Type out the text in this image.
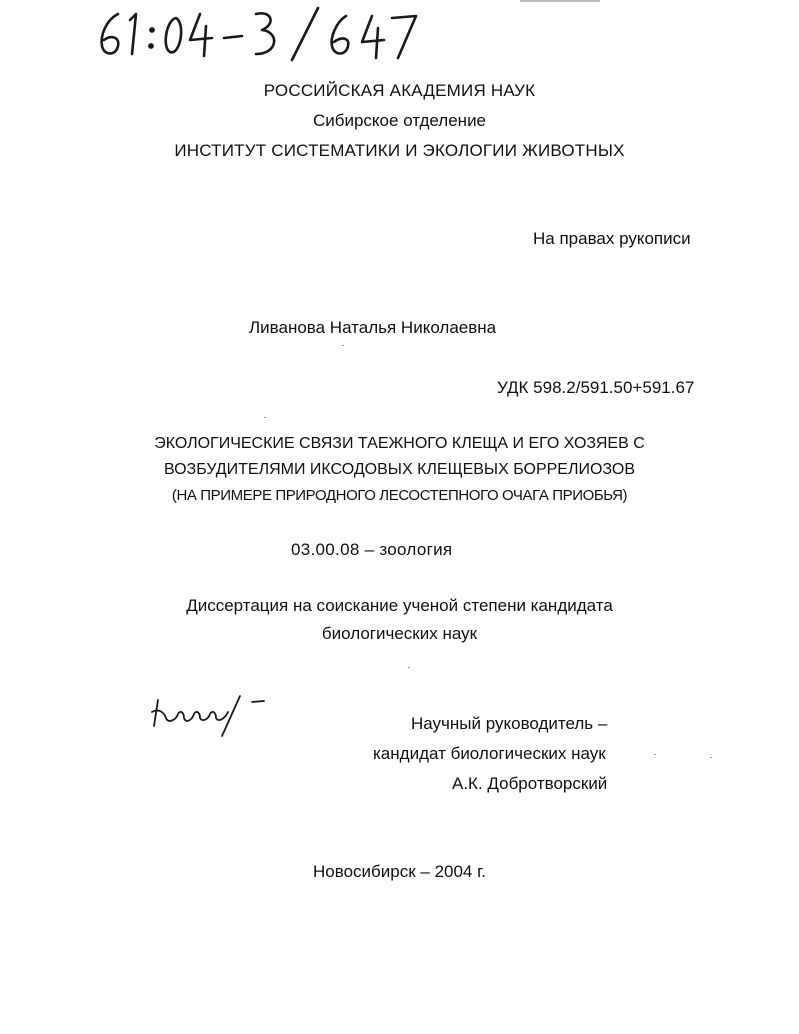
РОССИЙСКАЯ АКАДЕМИЯ НАУК
Сибирское отделение
ИНСТИТУТ СИСТЕМАТИКИ И ЭКОЛОГИИ ЖИВОТНЫХ
На правах рукописи
Ливанова Наталья Николаевна
УДК 598.2/591.50+591.67
ЭКОЛОГИЧЕСКИЕ СВЯЗИ ТАЕЖНОГО КЛЕЩА И ЕГО ХОЗЯЕВ С
ВОЗБУДИТЕЛЯМИ ИКСОДОВЫХ КЛЕЩЕВЫХ БОРРЕЛИОЗОВ
(НА ПРИМЕРЕ ПРИРОДНОГО ЛЕСОСТЕПНОГО ОЧАГА ПРИОБЬЯ)
03.00.08 – зоология
Диссертация на соискание ученой степени кандидата
биологических наук
Научный руководитель –
кандидат биологических наук
А.К. Добротворский
Новосибирск – 2004 г.
